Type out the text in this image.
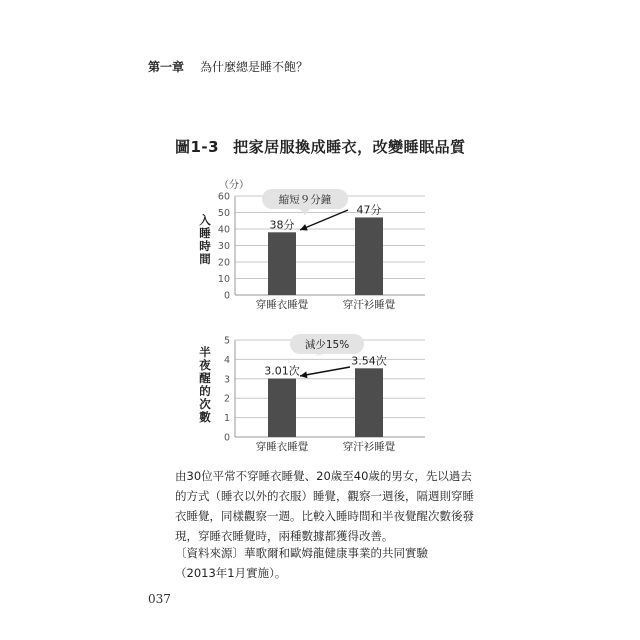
第一章 為什麼總是睡不飽？
圖1-3 把家居服換成睡衣，改變睡眠品質
0
10
20
30
40
50
60
（分）
入
睡
時
間
38分
穿睡衣睡覺
47分
穿汗衫睡覺
縮短９分鐘
0
1
2
3
4
5
半
夜
醒
的
次
數
3.01次
穿睡衣睡覺
3.54次
穿汗衫睡覺
減少15%
由30位平常不穿睡衣睡覺、20歲至40歲的男女，先以過去的方式（睡衣以外的衣服）睡覺，觀察一週後，隔週則穿睡衣睡覺，同樣觀察一週。比較入睡時間和半夜覺醒次數後發現，穿睡衣睡覺時，兩種數據都獲得改善。
〔資料來源〕華歌爾和歐姆龍健康事業的共同實驗（2013年1月實施）。
037
